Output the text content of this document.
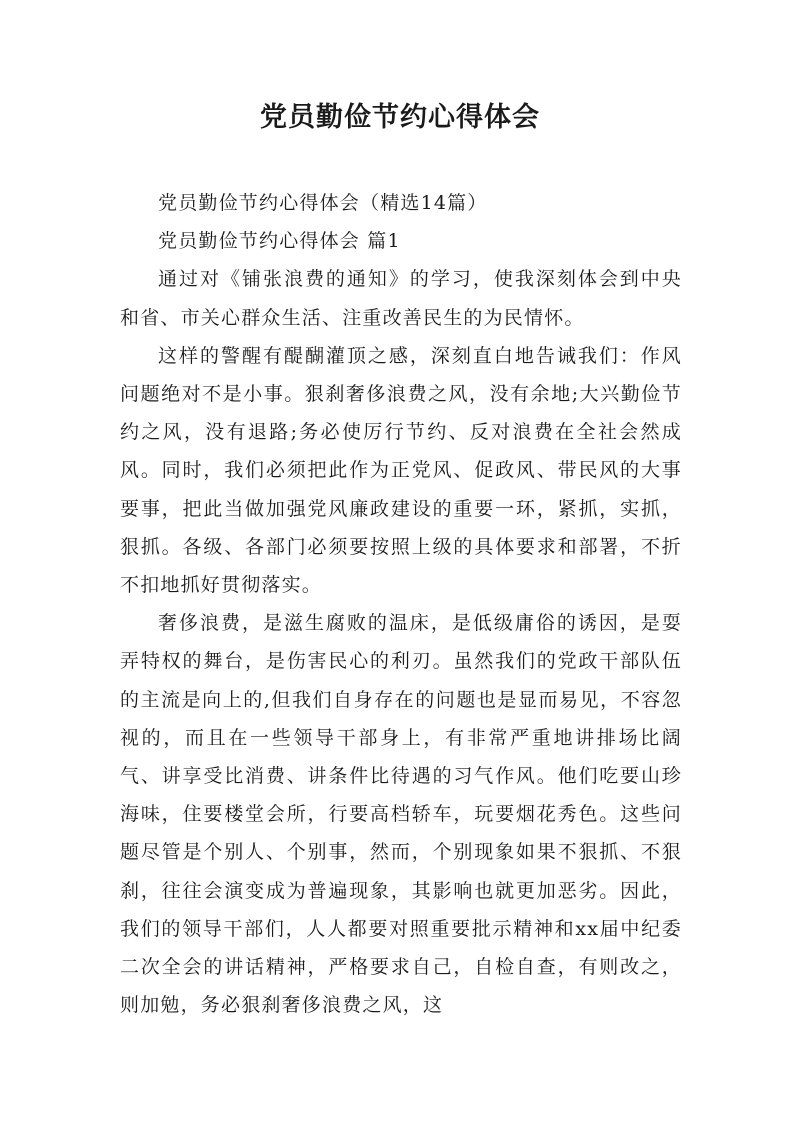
党员勤俭节约心得体会

党员勤俭节约心得体会（精选14篇）

党员勤俭节约心得体会 篇1

通过对《铺张浪费的通知》的学习，使我深刻体会到中央和省、市关心群众生活、注重改善民生的为民情怀。

这样的警醒有醍醐灌顶之感，深刻直白地告诫我们：作风问题绝对不是小事。狠刹奢侈浪费之风，没有余地;大兴勤俭节约之风，没有退路;务必使厉行节约、反对浪费在全社会然成风。同时，我们必须把此作为正党风、促政风、带民风的大事要事，把此当做加强党风廉政建设的重要一环，紧抓，实抓，狠抓。各级、各部门必须要按照上级的具体要求和部署，不折不扣地抓好贯彻落实。

奢侈浪费，是滋生腐败的温床，是低级庸俗的诱因，是耍弄特权的舞台，是伤害民心的利刃。虽然我们的党政干部队伍的主流是向上的,但我们自身存在的问题也是显而易见，不容忽视的，而且在一些领导干部身上，有非常严重地讲排场比阔气、讲享受比消费、讲条件比待遇的习气作风。他们吃要山珍海味，住要楼堂会所，行要高档轿车，玩要烟花秀色。这些问题尽管是个别人、个别事，然而，个别现象如果不狠抓、不狠刹，往往会演变成为普遍现象，其影响也就更加恶劣。因此，我们的领导干部们，人人都要对照重要批示精神和xx届中纪委二次全会的讲话精神，严格要求自己，自检自查，有则改之，则加勉，务必狠刹奢侈浪费之风，这
